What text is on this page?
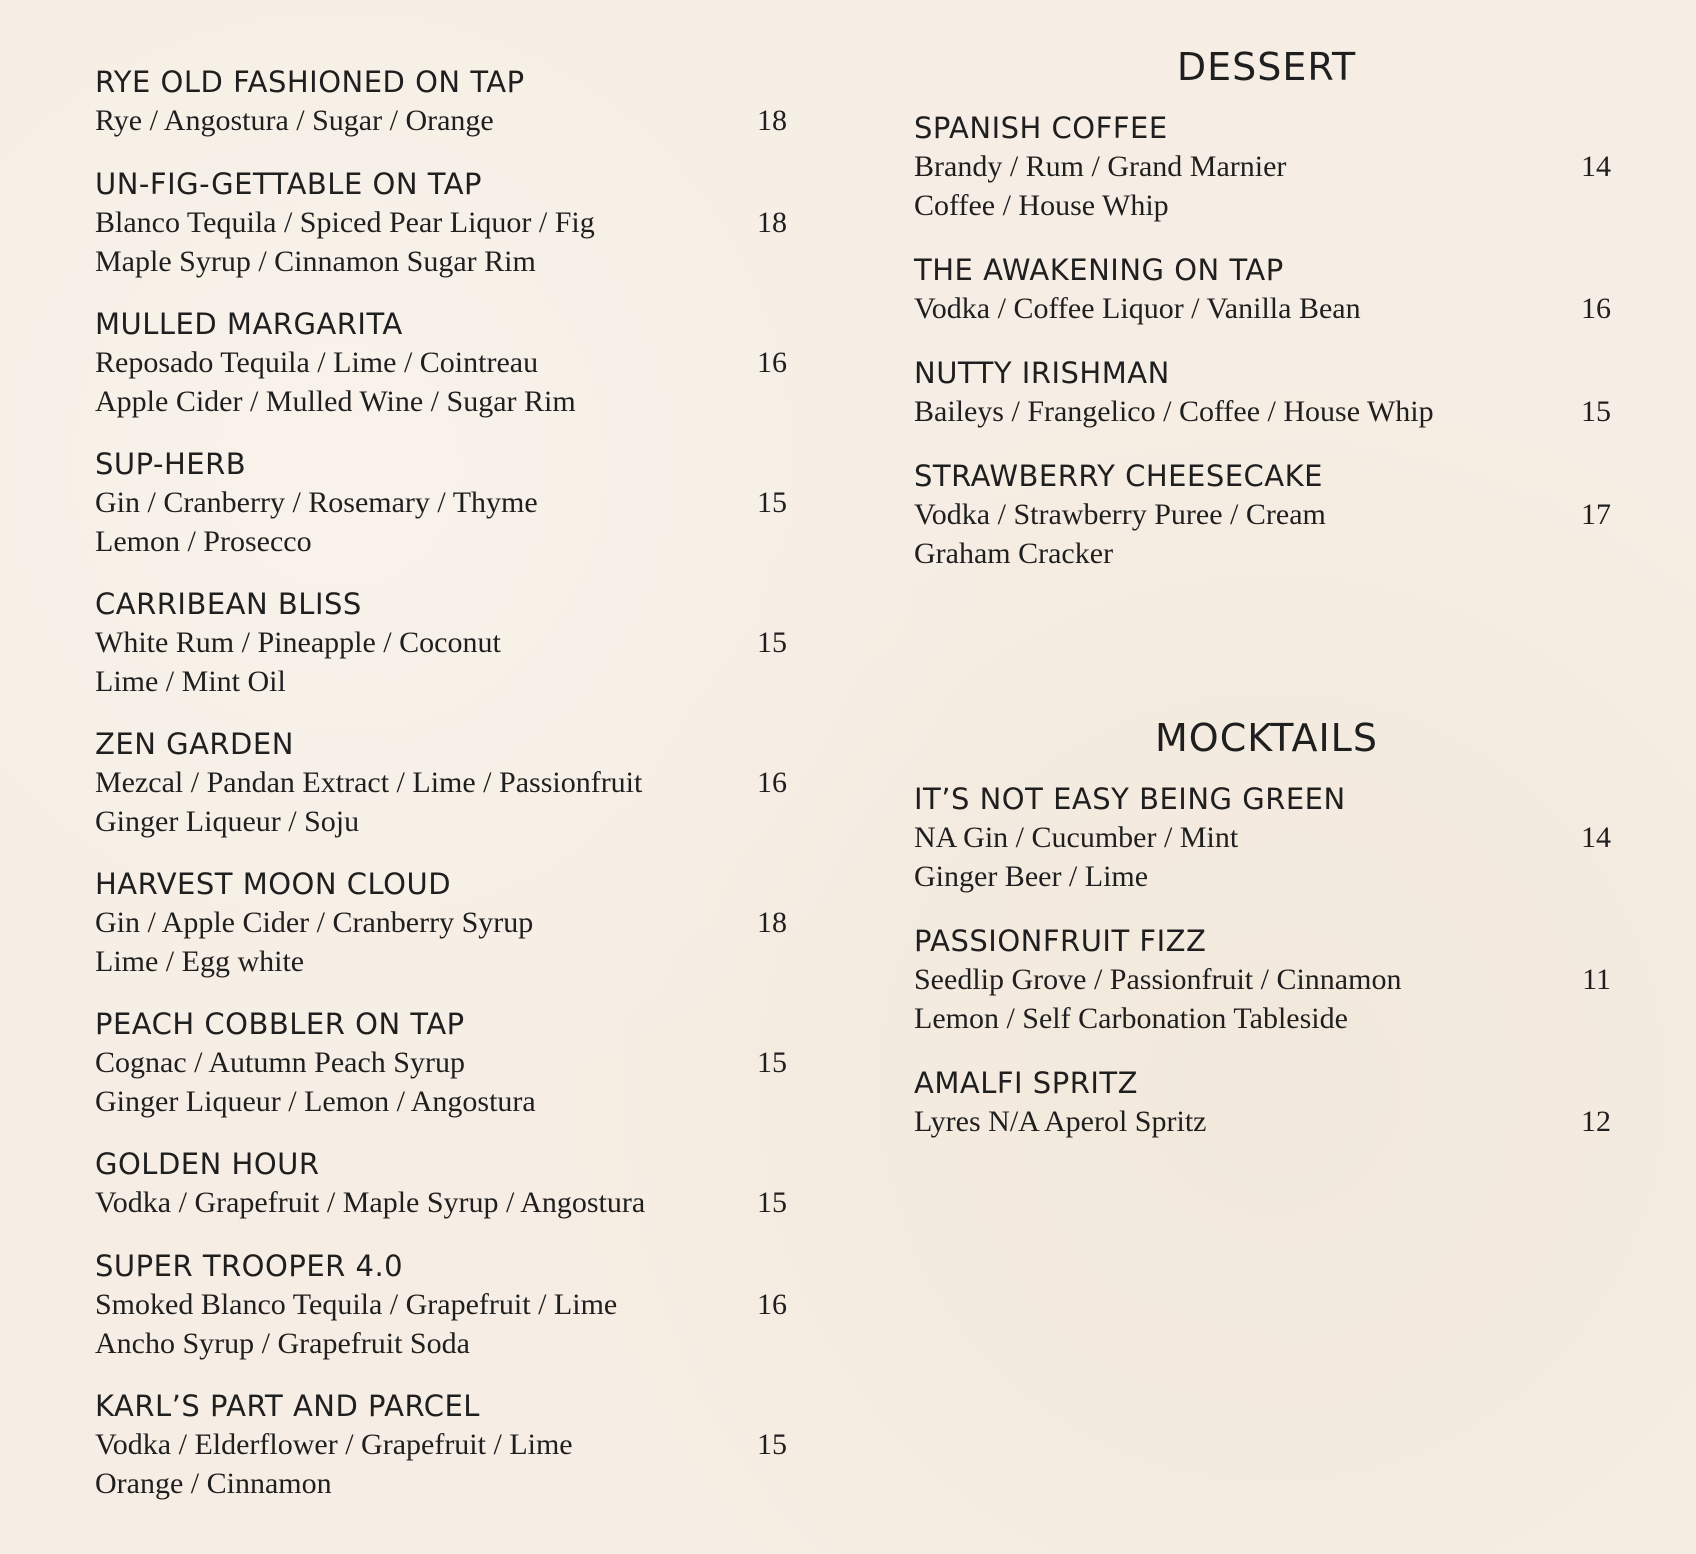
RYE OLD FASHIONED ON TAP
Rye / Angostura / Sugar / Orange	18
UN-FIG-GETTABLE ON TAP
Blanco Tequila / Spiced Pear Liquor / Fig
Maple Syrup / Cinnamon Sugar Rim
18
MULLED MARGARITA
Reposado Tequila / Lime / Cointreau
Apple Cider / Mulled Wine / Sugar Rim
16
SUP-HERB
Gin / Cranberry / Rosemary / Thyme
Lemon / Prosecco
15
CARRIBEAN BLISS
White Rum / Pineapple / Coconut
Lime / Mint Oil
15
ZEN GARDEN
Mezcal / Pandan Extract / Lime / Passionfruit
Ginger Liqueur / Soju
16
HARVEST MOON CLOUD
Gin / Apple Cider / Cranberry Syrup
Lime / Egg white
18
PEACH COBBLER ON TAP
Cognac / Autumn Peach Syrup
Ginger Liqueur / Lemon / Angostura
15
GOLDEN HOUR
Vodka / Grapefruit / Maple Syrup / Angostura	15
SUPER TROOPER 4.0
Smoked Blanco Tequila / Grapefruit / Lime
Ancho Syrup / Grapefruit Soda
16
KARL’S PART AND PARCEL
Vodka / Elderflower / Grapefruit / Lime
Orange / Cinnamon
15
DESSERT
SPANISH COFFEE
Brandy / Rum / Grand Marnier
Coffee / House Whip
14
THE AWAKENING ON TAP
Vodka / Coffee Liquor / Vanilla Bean	16
NUTTY IRISHMAN
Baileys / Frangelico / Coffee / House Whip	15
STRAWBERRY CHEESECAKE
Vodka / Strawberry Puree / Cream
Graham Cracker
17
MOCKTAILS
IT’S NOT EASY BEING GREEN
NA Gin / Cucumber / Mint
Ginger Beer / Lime
14
PASSIONFRUIT FIZZ
Seedlip Grove / Passionfruit / Cinnamon
Lemon / Self Carbonation Tableside
11
AMALFI SPRITZ
Lyres N/A Aperol Spritz	12
